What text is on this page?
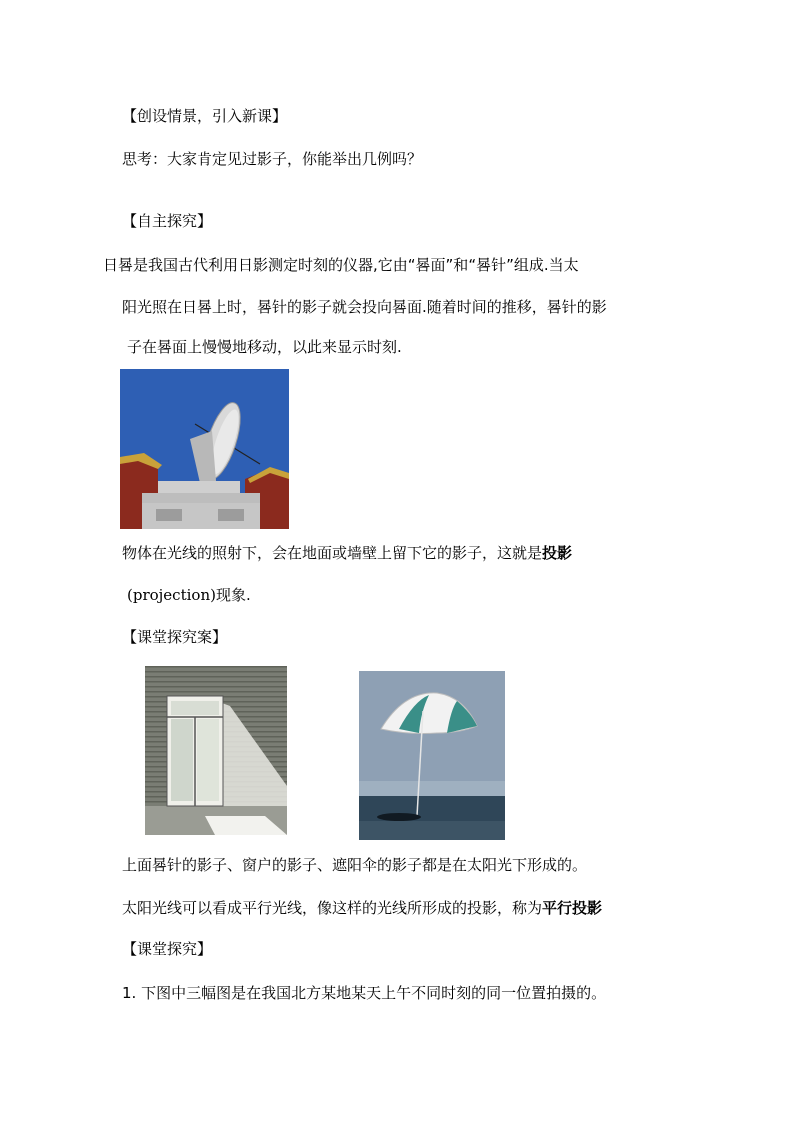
【创设情景，引入新课】
思考：大家肯定见过影子，你能举出几例吗？
【自主探究】
日晷是我国古代利用日影测定时刻的仪器,它由“晷面”和“晷针”组成.当太
阳光照在日晷上时，晷针的影子就会投向晷面.随着时间的推移，晷针的影
子在晷面上慢慢地移动，以此来显示时刻.
物体在光线的照射下，会在地面或墙壁上留下它的影子，这就是投影
(projection)现象.
【课堂探究案】
上面晷针的影子、窗户的影子、遮阳伞的影子都是在太阳光下形成的。
太阳光线可以看成平行光线，像这样的光线所形成的投影，称为平行投影
【课堂探究】
1. 下图中三幅图是在我国北方某地某天上午不同时刻的同一位置拍摄的。
